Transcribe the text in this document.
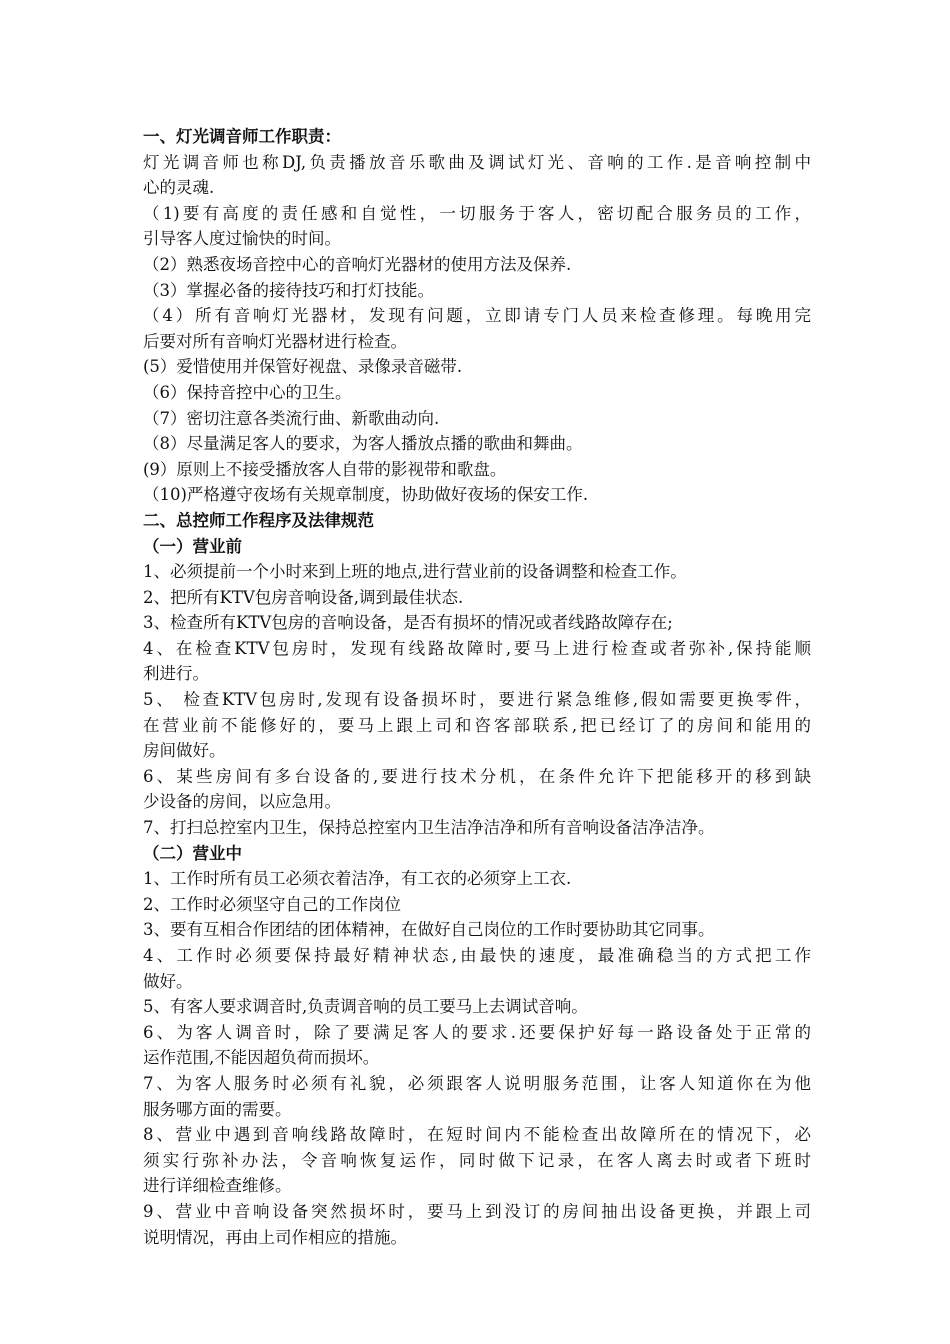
一、灯光调音师工作职责：
灯光调音师也称DJ,负责播放音乐歌曲及调试灯光、音响的工作.是音响控制中
心的灵魂.
（1)要有高度的责任感和自觉性，一切服务于客人，密切配合服务员的工作，
引导客人度过愉快的时间。
（2）熟悉夜场音控中心的音响灯光器材的使用方法及保养.
（3）掌握必备的接待技巧和打灯技能。
（4）所有音响灯光器材，发现有问题，立即请专门人员来检查修理。每晚用完
后要对所有音响灯光器材进行检查。
(5）爱惜使用并保管好视盘、录像录音磁带.
（6）保持音控中心的卫生。
（7）密切注意各类流行曲、新歌曲动向.
（8）尽量满足客人的要求，为客人播放点播的歌曲和舞曲。
(9）原则上不接受播放客人自带的影视带和歌盘。
（10)严格遵守夜场有关规章制度，协助做好夜场的保安工作.
二、总控师工作程序及法律规范
（一）营业前
1、必须提前一个小时来到上班的地点,进行营业前的设备调整和检查工作。
2、把所有KTV包房音响设备,调到最佳状态.
3、检查所有KTV包房的音响设备，是否有损坏的情况或者线路故障存在;
4、在检查KTV包房时，发现有线路故障时,要马上进行检查或者弥补,保持能顺
利进行。
5、 检查KTV包房时,发现有设备损坏时，要进行紧急维修,假如需要更换零件，
在营业前不能修好的，要马上跟上司和咨客部联系,把已经订了的房间和能用的
房间做好。
6、某些房间有多台设备的,要进行技术分机，在条件允许下把能移开的移到缺
少设备的房间，以应急用。
7、打扫总控室内卫生，保持总控室内卫生洁净洁净和所有音响设备洁净洁净。
（二）营业中
1、工作时所有员工必须衣着洁净，有工衣的必须穿上工衣.
2、工作时必须坚守自己的工作岗位
3、要有互相合作团结的团体精神，在做好自己岗位的工作时要协助其它同事。
4、工作时必须要保持最好精神状态,由最快的速度，最准确稳当的方式把工作
做好。
5、有客人要求调音时,负责调音响的员工要马上去调试音响。
6、为客人调音时，除了要满足客人的要求.还要保护好每一路设备处于正常的
运作范围,不能因超负荷而损坏。
7、为客人服务时必须有礼貌，必须跟客人说明服务范围，让客人知道你在为他
服务哪方面的需要。
8、营业中遇到音响线路故障时，在短时间内不能检查出故障所在的情况下，必
须实行弥补办法，令音响恢复运作，同时做下记录，在客人离去时或者下班时
进行详细检查维修。
9、营业中音响设备突然损坏时，要马上到没订的房间抽出设备更换，并跟上司
说明情况，再由上司作相应的措施。
